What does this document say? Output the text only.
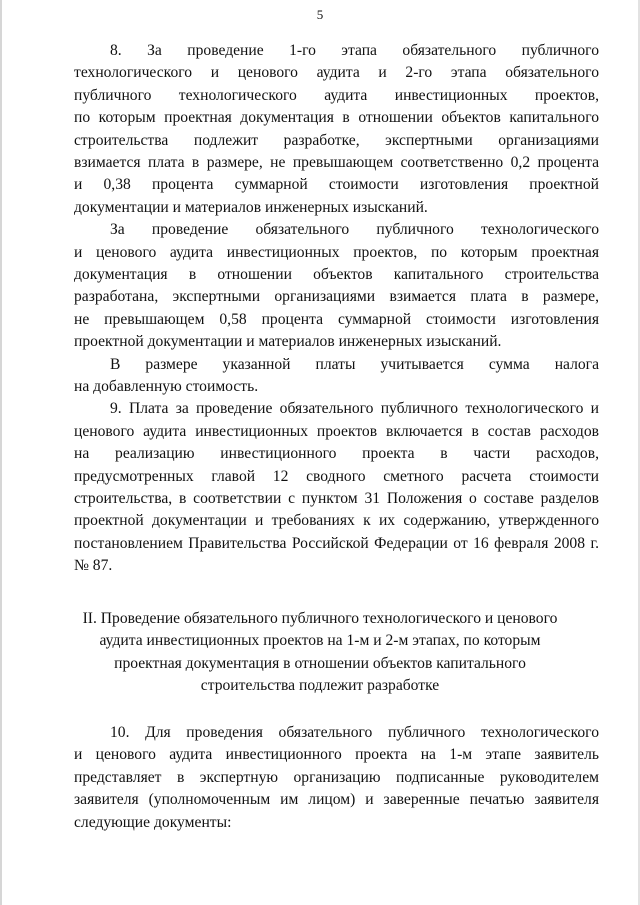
5
8. За проведение 1-го этапа обязательного публичного
технологического и ценового аудита и 2-го этапа обязательного
публичного технологического аудита инвестиционных проектов,
по которым проектная документация в отношении объектов капитального
строительства подлежит разработке, экспертными организациями
взимается плата в размере, не превышающем соответственно 0,2 процента
и 0,38 процента суммарной стоимости изготовления проектной
документации и материалов инженерных изысканий.
За проведение обязательного публичного технологического
и ценового аудита инвестиционных проектов, по которым проектная
документация в отношении объектов капитального строительства
разработана, экспертными организациями взимается плата в размере,
не превышающем 0,58 процента суммарной стоимости изготовления
проектной документации и материалов инженерных изысканий.
В размере указанной платы учитывается сумма налога
на добавленную стоимость.
9. Плата за проведение обязательного публичного технологического и
ценового аудита инвестиционных проектов включается в состав расходов
на реализацию инвестиционного проекта в части расходов,
предусмотренных главой 12 сводного сметного расчета стоимости
строительства, в соответствии с пунктом 31 Положения о составе разделов
проектной документации и требованиях к их содержанию, утвержденного
постановлением Правительства Российской Федерации от 16 февраля 2008 г.
№ 87.
II. Проведение обязательного публичного технологического и ценового
аудита инвестиционных проектов на 1-м и 2-м этапах, по которым
проектная документация в отношении объектов капитального
строительства подлежит разработке
10. Для проведения обязательного публичного технологического
и ценового аудита инвестиционного проекта на 1-м этапе заявитель
представляет в экспертную организацию подписанные руководителем
заявителя (уполномоченным им лицом) и заверенные печатью заявителя
следующие документы:
